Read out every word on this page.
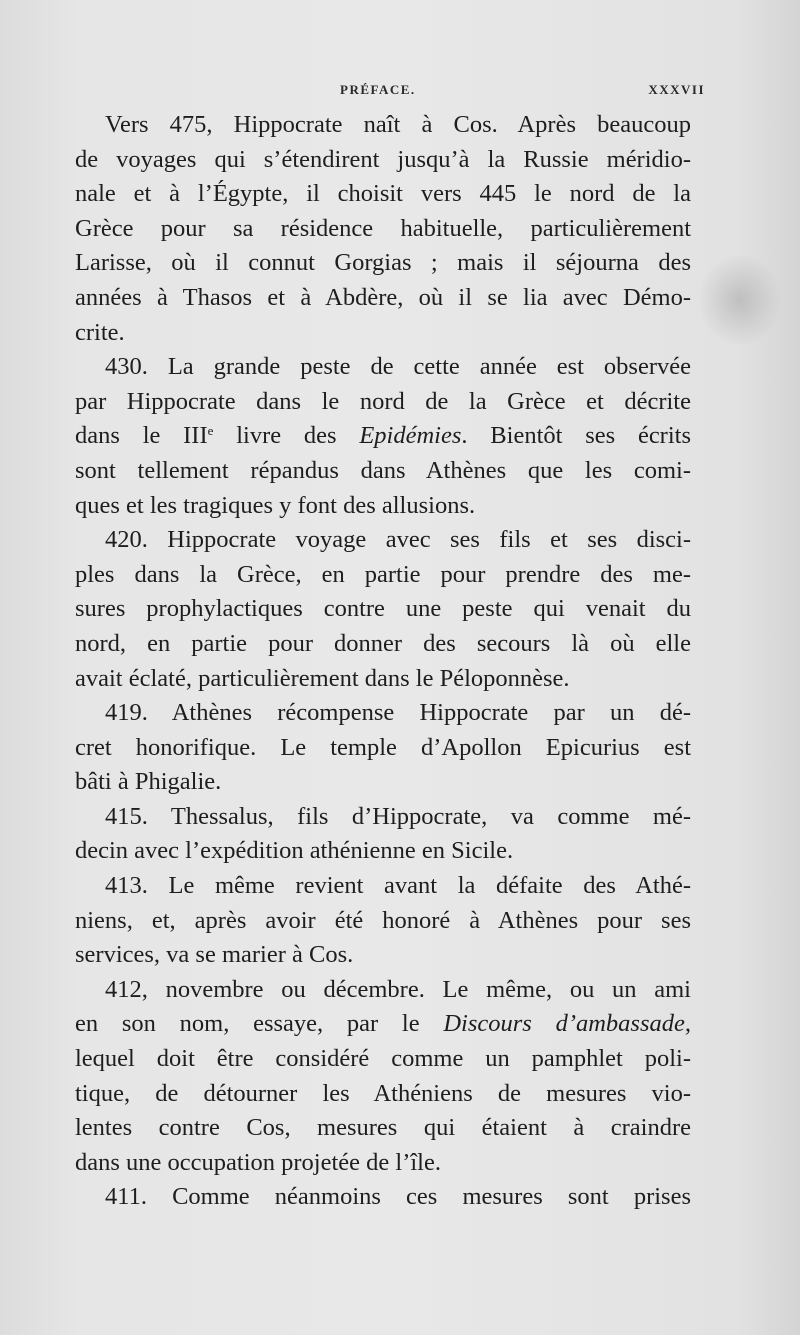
PRÉFACE.	XXXVII

Vers 475, Hippocrate naît à Cos. Après beaucoup
de voyages qui s’étendirent jusqu’à la Russie méridio-
nale et à l’Égypte, il choisit vers 445 le nord de la
Grèce pour sa résidence habituelle, particulièrement
Larisse, où il connut Gorgias ; mais il séjourna des
années à Thasos et à Abdère, où il se lia avec Démo-
crite.

430. La grande peste de cette année est observée
par Hippocrate dans le nord de la Grèce et décrite
dans le IIIe livre des Epidémies. Bientôt ses écrits
sont tellement répandus dans Athènes que les comi-
ques et les tragiques y font des allusions.

420. Hippocrate voyage avec ses fils et ses disci-
ples dans la Grèce, en partie pour prendre des me-
sures prophylactiques contre une peste qui venait du
nord, en partie pour donner des secours là où elle
avait éclaté, particulièrement dans le Péloponnèse.

419. Athènes récompense Hippocrate par un dé-
cret honorifique. Le temple d’Apollon Epicurius est
bâti à Phigalie.

415. Thessalus, fils d’Hippocrate, va comme mé-
decin avec l’expédition athénienne en Sicile.

413. Le même revient avant la défaite des Athé-
niens, et, après avoir été honoré à Athènes pour ses
services, va se marier à Cos.

412, novembre ou décembre. Le même, ou un ami
en son nom, essaye, par le Discours d’ambassade,
lequel doit être considéré comme un pamphlet poli-
tique, de détourner les Athéniens de mesures vio-
lentes contre Cos, mesures qui étaient à craindre
dans une occupation projetée de l’île.

411. Comme néanmoins ces mesures sont prises
